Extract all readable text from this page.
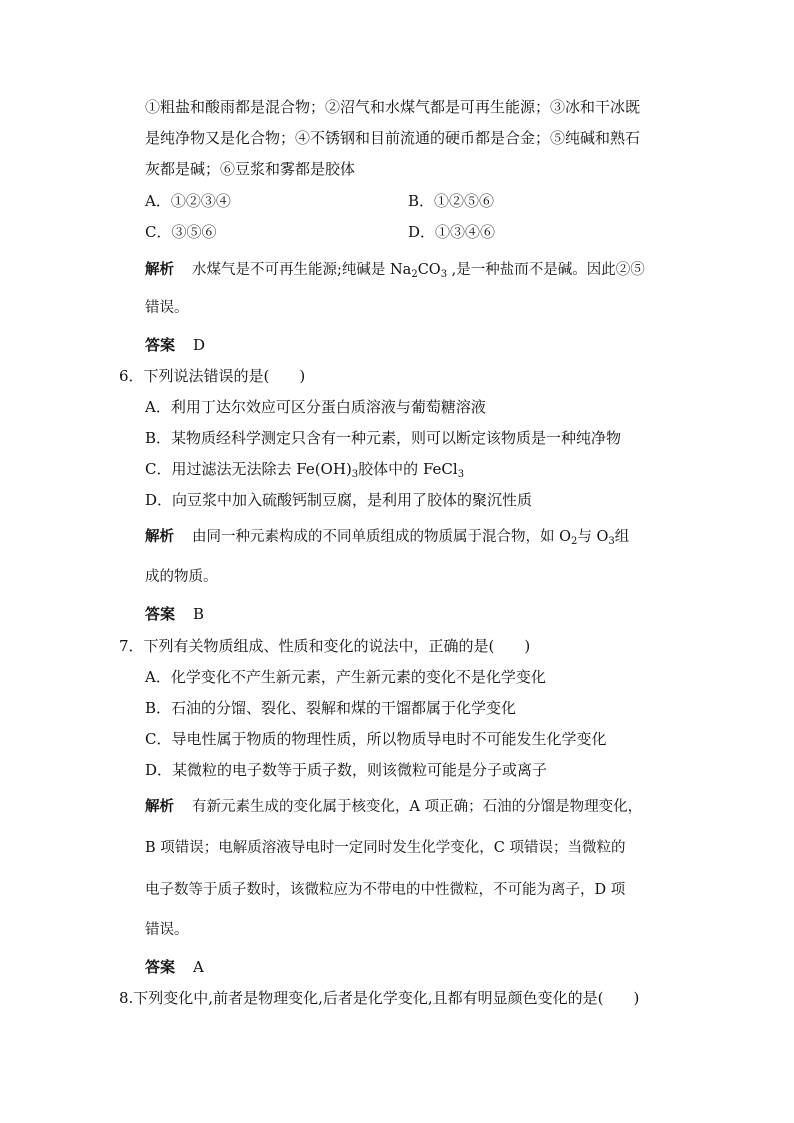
①粗盐和酸雨都是混合物；②沼气和水煤气都是可再生能源；③冰和干冰既
是纯净物又是化合物；④不锈钢和目前流通的硬币都是合金；⑤纯碱和熟石
灰都是碱；⑥豆浆和雾都是胶体
A．①②③④	B．①②⑤⑥
C．③⑤⑥	D．①③④⑥
解析 水煤气是不可再生能源;纯碱是 $Na_2CO_3$ ,是一种盐而不是碱。因此②⑤
错误。
答案 D
6．下列说法错误的是(　　)
A．利用丁达尔效应可区分蛋白质溶液与葡萄糖溶液
B．某物质经科学测定只含有一种元素，则可以断定该物质是一种纯净物
C．用过滤法无法除去 $Fe(OH)_3$胶体中的 FeCl$_3$
D．向豆浆中加入硫酸钙制豆腐，是利用了胶体的聚沉性质
解析 由同一种元素构成的不同单质组成的物质属于混合物，如 $O_2$与 $O_3$组
成的物质。
答案 B
7．下列有关物质组成、性质和变化的说法中，正确的是(　　)
A．化学变化不产生新元素，产生新元素的变化不是化学变化
B．石油的分馏、裂化、裂解和煤的干馏都属于化学变化
C．导电性属于物质的物理性质，所以物质导电时不可能发生化学变化
D．某微粒的电子数等于质子数，则该微粒可能是分子或离子
解析 有新元素生成的变化属于核变化，A 项正确；石油的分馏是物理变化，
B 项错误；电解质溶液导电时一定同时发生化学变化，C 项错误；当微粒的
电子数等于质子数时，该微粒应为不带电的中性微粒，不可能为离子，D 项
错误。
答案 A
8.下列变化中,前者是物理变化,后者是化学变化,且都有明显颜色变化的是(　　)
